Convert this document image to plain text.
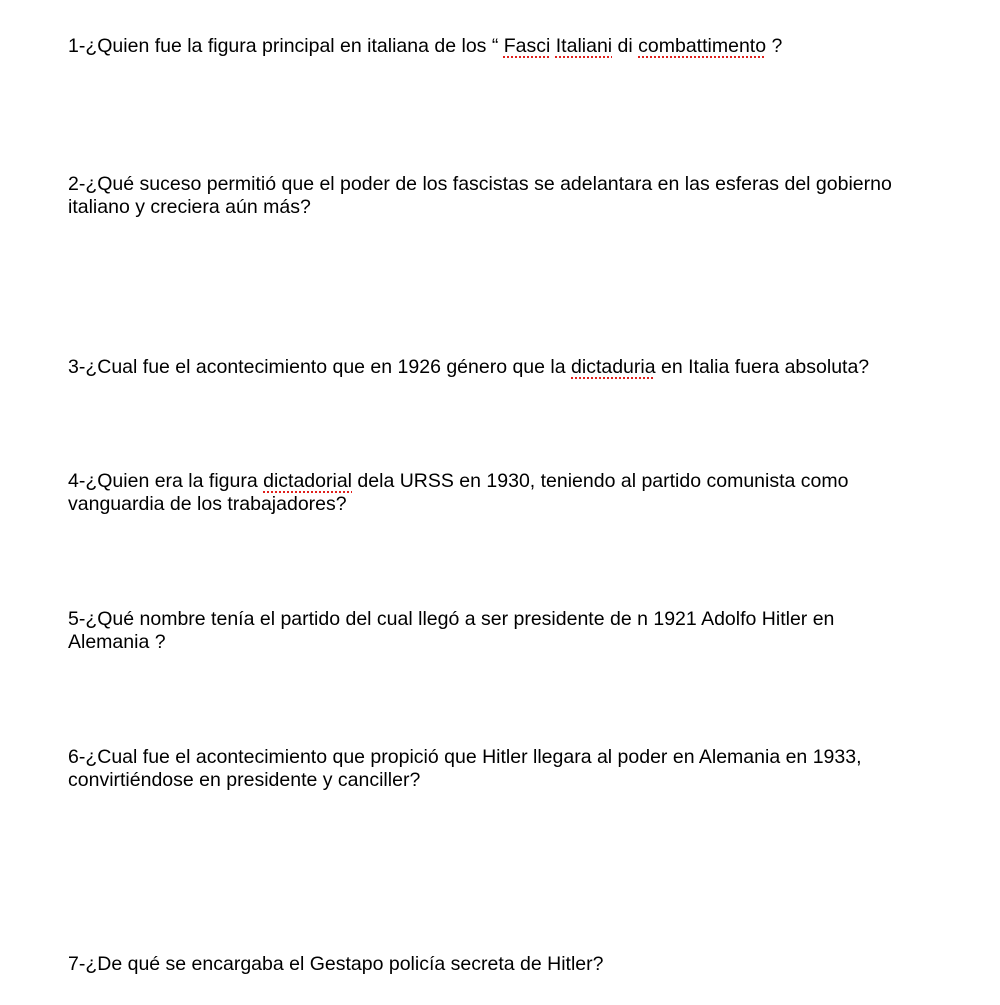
1-¿Quien fue la figura principal en italiana de los “ Fasci Italiani di combattimento ?
2-¿Qué suceso permitió que el poder de los fascistas se adelantara en las esferas del gobierno
italiano y creciera aún más?
3-¿Cual fue el acontecimiento que en 1926 género que la dictaduria en Italia fuera absoluta?
4-¿Quien era la figura dictadorial dela URSS en 1930, teniendo al partido comunista como
vanguardia de los trabajadores?
5-¿Qué nombre tenía el partido del cual llegó a ser presidente de n 1921 Adolfo Hitler en
Alemania ?
6-¿Cual fue el acontecimiento que propició que Hitler llegara al poder en Alemania en 1933,
convirtiéndose en presidente y canciller?
7-¿De qué se encargaba el Gestapo policía secreta de Hitler?
